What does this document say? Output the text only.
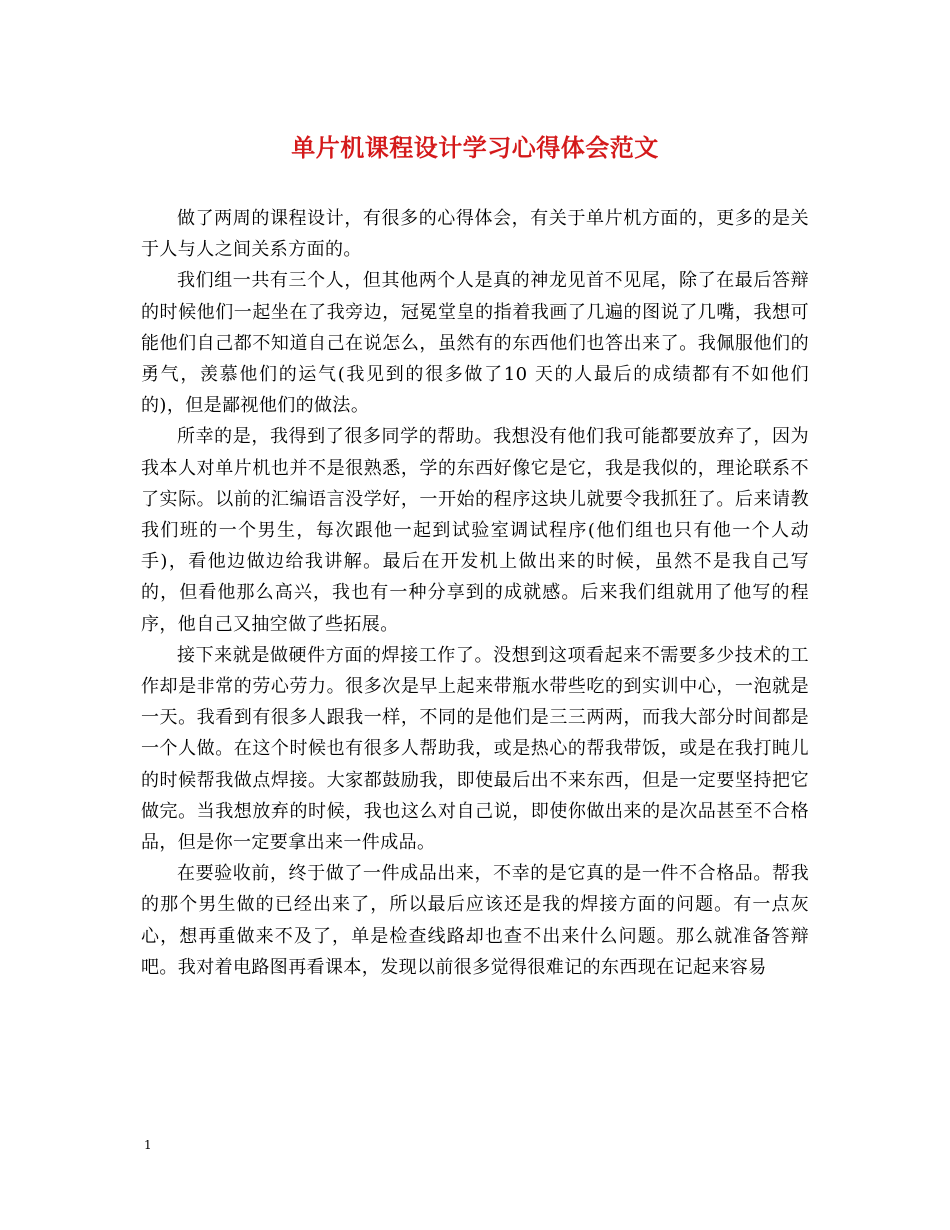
单片机课程设计学习心得体会范文

做了两周的课程设计，有很多的心得体会，有关于单片机方面的，更多的是关于人与人之间关系方面的。

我们组一共有三个人，但其他两个人是真的神龙见首不见尾，除了在最后答辩的时候他们一起坐在了我旁边，冠冕堂皇的指着我画了几遍的图说了几嘴，我想可能他们自己都不知道自己在说怎么，虽然有的东西他们也答出来了。我佩服他们的勇气，羡慕他们的运气(我见到的很多做了10 天的人最后的成绩都有不如他们的)，但是鄙视他们的做法。

所幸的是，我得到了很多同学的帮助。我想没有他们我可能都要放弃了，因为我本人对单片机也并不是很熟悉，学的东西好像它是它，我是我似的，理论联系不了实际。以前的汇编语言没学好，一开始的程序这块儿就要令我抓狂了。后来请教我们班的一个男生，每次跟他一起到试验室调试程序(他们组也只有他一个人动手)，看他边做边给我讲解。最后在开发机上做出来的时候，虽然不是我自己写的，但看他那么高兴，我也有一种分享到的成就感。后来我们组就用了他写的程序，他自己又抽空做了些拓展。

接下来就是做硬件方面的焊接工作了。没想到这项看起来不需要多少技术的工作却是非常的劳心劳力。很多次是早上起来带瓶水带些吃的到实训中心，一泡就是一天。我看到有很多人跟我一样，不同的是他们是三三两两，而我大部分时间都是一个人做。在这个时候也有很多人帮助我，或是热心的帮我带饭，或是在我打盹儿的时候帮我做点焊接。大家都鼓励我，即使最后出不来东西，但是一定要坚持把它做完。当我想放弃的时候，我也这么对自己说，即使你做出来的是次品甚至不合格品，但是你一定要拿出来一件成品。

在要验收前，终于做了一件成品出来，不幸的是它真的是一件不合格品。帮我的那个男生做的已经出来了，所以最后应该还是我的焊接方面的问题。有一点灰心，想再重做来不及了，单是检查线路却也查不出来什么问题。那么就准备答辩吧。我对着电路图再看课本，发现以前很多觉得很难记的东西现在记起来容易

1
